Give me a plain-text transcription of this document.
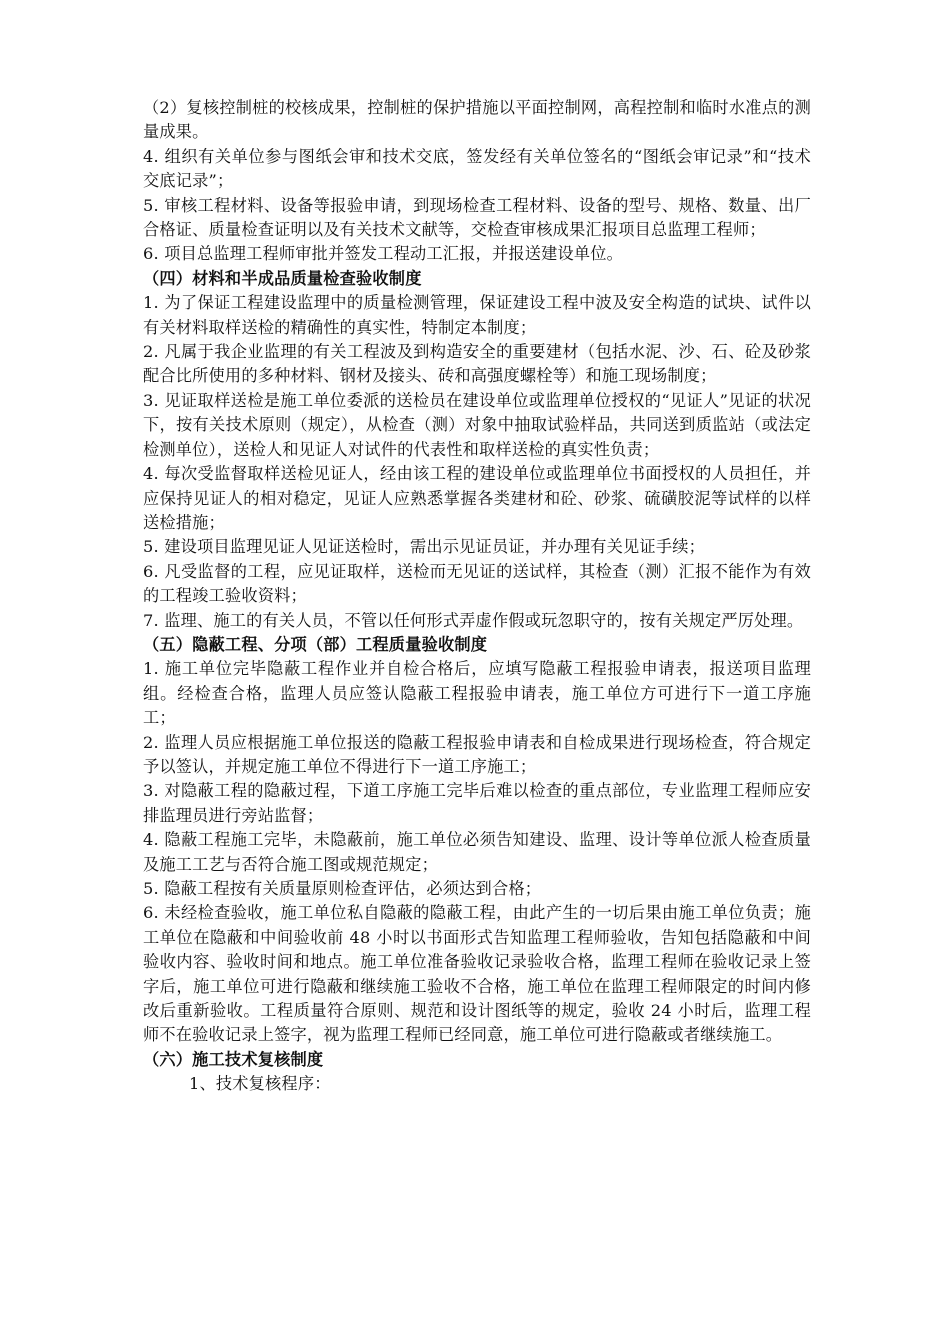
（2）复核控制桩的校核成果，控制桩的保护措施以平面控制网，高程控制和临时水准点的测量成果。

4. 组织有关单位参与图纸会审和技术交底，签发经有关单位签名的“图纸会审记录”和“技术交底记录”；

5. 审核工程材料、设备等报验申请，到现场检查工程材料、设备的型号、规格、数量、出厂合格证、质量检查证明以及有关技术文献等，交检查审核成果汇报项目总监理工程师；

6. 项目总监理工程师审批并签发工程动工汇报，并报送建设单位。

（四）材料和半成品质量检查验收制度

1. 为了保证工程建设监理中的质量检测管理，保证建设工程中波及安全构造的试块、试件以有关材料取样送检的精确性的真实性，特制定本制度；

2. 凡属于我企业监理的有关工程波及到构造安全的重要建材（包括水泥、沙、石、砼及砂浆配合比所使用的多种材料、钢材及接头、砖和高强度螺栓等）和施工现场制度；

3. 见证取样送检是施工单位委派的送检员在建设单位或监理单位授权的“见证人”见证的状况下，按有关技术原则（规定），从检查（测）对象中抽取试验样品，共同送到质监站（或法定检测单位），送检人和见证人对试件的代表性和取样送检的真实性负责；

4. 每次受监督取样送检见证人，经由该工程的建设单位或监理单位书面授权的人员担任，并应保持见证人的相对稳定，见证人应熟悉掌握各类建材和砼、砂浆、硫磺胶泥等试样的以样送检措施；

5. 建设项目监理见证人见证送检时，需出示见证员证，并办理有关见证手续；

6. 凡受监督的工程，应见证取样，送检而无见证的送试样，其检查（测）汇报不能作为有效的工程竣工验收资料；

7. 监理、施工的有关人员，不管以任何形式弄虚作假或玩忽职守的，按有关规定严厉处理。

（五）隐蔽工程、分项（部）工程质量验收制度

1. 施工单位完毕隐蔽工程作业并自检合格后，应填写隐蔽工程报验申请表，报送项目监理组。经检查合格，监理人员应签认隐蔽工程报验申请表，施工单位方可进行下一道工序施工；

2. 监理人员应根据施工单位报送的隐蔽工程报验申请表和自检成果进行现场检查，符合规定予以签认，并规定施工单位不得进行下一道工序施工；

3. 对隐蔽工程的隐蔽过程，下道工序施工完毕后难以检查的重点部位，专业监理工程师应安排监理员进行旁站监督；

4. 隐蔽工程施工完毕，未隐蔽前，施工单位必须告知建设、监理、设计等单位派人检查质量及施工工艺与否符合施工图或规范规定；

5. 隐蔽工程按有关质量原则检查评估，必须达到合格；

6. 未经检查验收，施工单位私自隐蔽的隐蔽工程，由此产生的一切后果由施工单位负责；施工单位在隐蔽和中间验收前 48 小时以书面形式告知监理工程师验收，告知包括隐蔽和中间验收内容、验收时间和地点。施工单位准备验收记录验收合格，监理工程师在验收记录上签字后，施工单位可进行隐蔽和继续施工验收不合格，施工单位在监理工程师限定的时间内修改后重新验收。工程质量符合原则、规范和设计图纸等的规定，验收 24 小时后，监理工程师不在验收记录上签字，视为监理工程师已经同意，施工单位可进行隐蔽或者继续施工。

（六）施工技术复核制度

1、技术复核程序：
